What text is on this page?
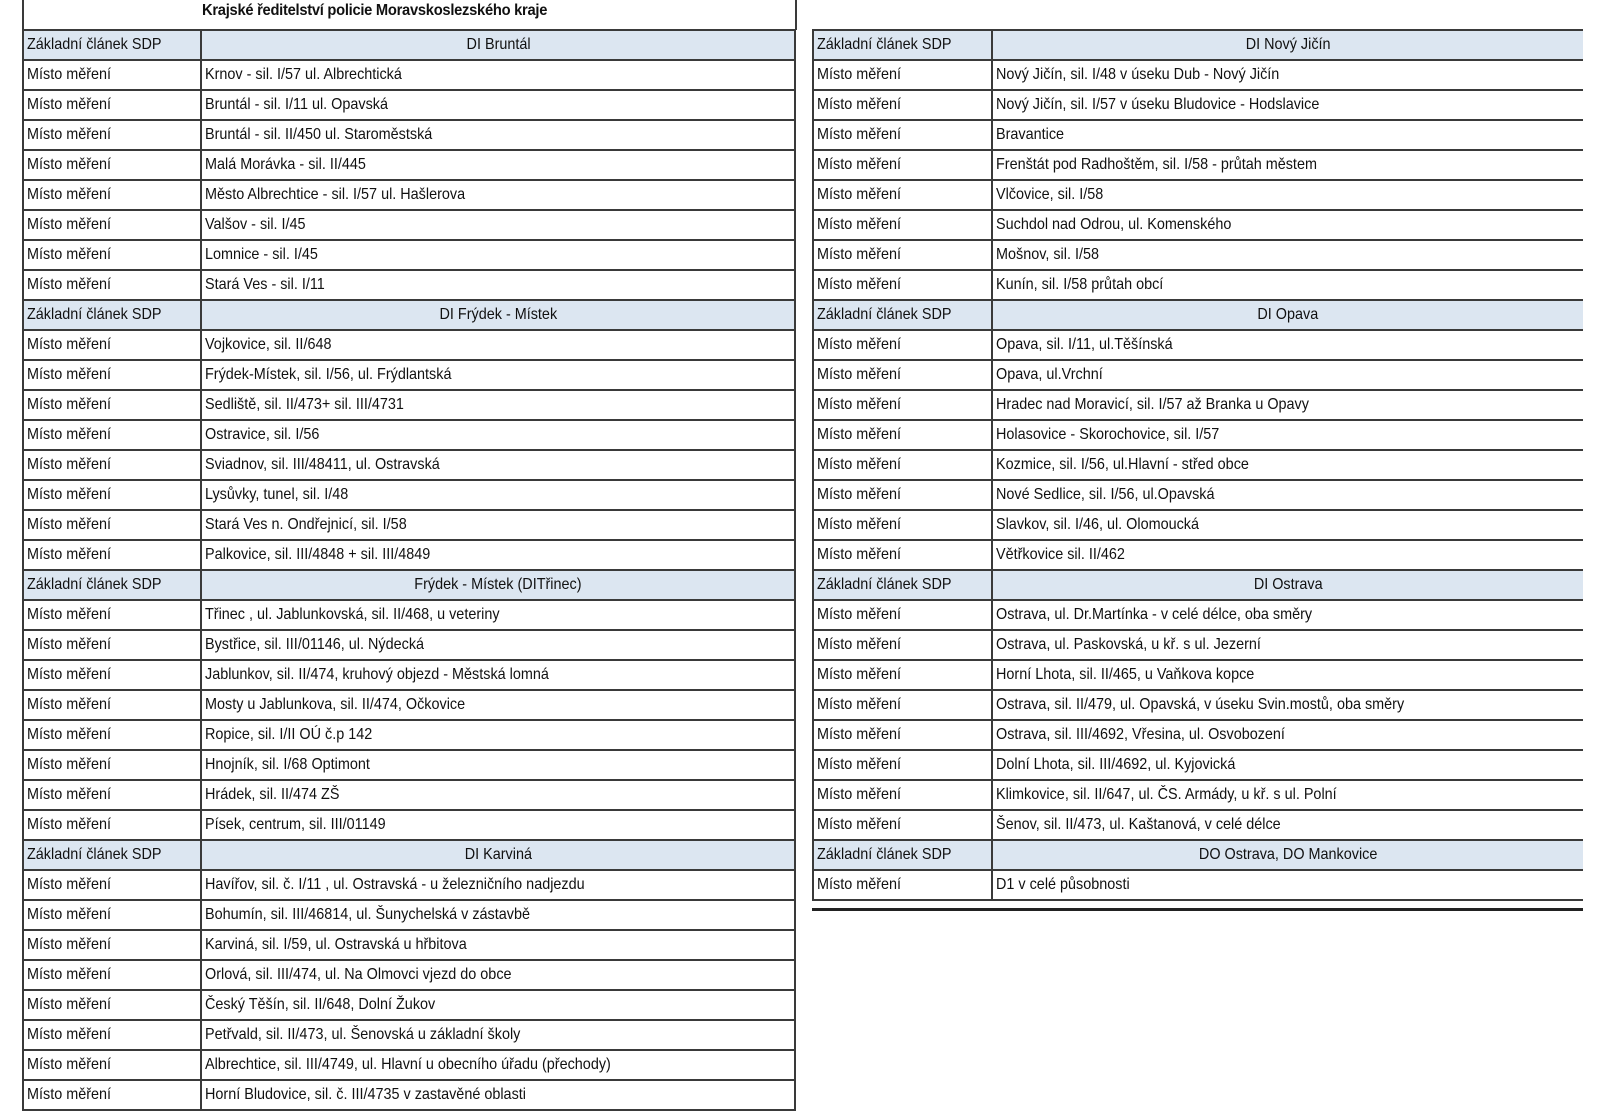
Krajské ředitelství policie Moravskoslezského kraje
Základní článek SDP	DI Bruntál
Místo měření	Krnov - sil. I/57 ul. Albrechtická
Místo měření	Bruntál - sil. I/11 ul. Opavská
Místo měření	Bruntál - sil. II/450 ul. Staroměstská
Místo měření	Malá Morávka - sil. II/445
Místo měření	Město Albrechtice - sil. I/57 ul. Hašlerova
Místo měření	Valšov - sil. I/45
Místo měření	Lomnice - sil. I/45
Místo měření	Stará Ves - sil. I/11
Základní článek SDP	DI Frýdek - Místek
Místo měření	Vojkovice, sil. II/648
Místo měření	Frýdek-Místek, sil. I/56, ul. Frýdlantská
Místo měření	Sedliště, sil. II/473+ sil. III/4731
Místo měření	Ostravice, sil. I/56
Místo měření	Sviadnov, sil. III/48411, ul. Ostravská
Místo měření	Lysůvky, tunel, sil. I/48
Místo měření	Stará Ves n. Ondřejnicí, sil. I/58
Místo měření	Palkovice, sil. III/4848 + sil. III/4849
Základní článek SDP	Frýdek - Místek (DITřinec)
Místo měření	Třinec , ul. Jablunkovská, sil. II/468, u veteriny
Místo měření	Bystřice, sil. III/01146, ul. Nýdecká
Místo měření	Jablunkov, sil. II/474, kruhový objezd - Městská lomná
Místo měření	Mosty u Jablunkova, sil. II/474, Očkovice
Místo měření	Ropice, sil. I/II OÚ č.p 142
Místo měření	Hnojník, sil. I/68 Optimont
Místo měření	Hrádek, sil. II/474 ZŠ
Místo měření	Písek, centrum, sil. III/01149
Základní článek SDP	DI Karviná
Místo měření	Havířov, sil. č. I/11 , ul. Ostravská - u železničního nadjezdu
Místo měření	Bohumín, sil. III/46814, ul. Šunychelská v zástavbě
Místo měření	Karviná, sil. I/59, ul. Ostravská u hřbitova
Místo měření	Orlová, sil. III/474, ul. Na Olmovci vjezd do obce
Místo měření	Český Těšín, sil. II/648, Dolní Žukov
Místo měření	Petřvald, sil. II/473, ul. Šenovská u základní školy
Místo měření	Albrechtice, sil. III/4749, ul. Hlavní u obecního úřadu (přechody)
Místo měření	Horní Bludovice, sil. č. III/4735 v zastavěné oblasti
Základní článek SDP	DI Nový Jičín
Místo měření	Nový Jičín, sil. I/48 v úseku Dub - Nový Jičín
Místo měření	Nový Jičín, sil. I/57 v úseku Bludovice - Hodslavice
Místo měření	Bravantice
Místo měření	Frenštát pod Radhoštěm, sil. I/58 - průtah městem
Místo měření	Vlčovice, sil. I/58
Místo měření	Suchdol nad Odrou, ul. Komenského
Místo měření	Mošnov, sil. I/58
Místo měření	Kunín, sil. I/58 průtah obcí
Základní článek SDP	DI Opava
Místo měření	Opava, sil. I/11, ul.Těšínská
Místo měření	Opava, ul.Vrchní
Místo měření	Hradec nad Moravicí, sil. I/57 až Branka u Opavy
Místo měření	Holasovice - Skorochovice, sil. I/57
Místo měření	Kozmice, sil. I/56, ul.Hlavní - střed obce
Místo měření	Nové Sedlice, sil. I/56, ul.Opavská
Místo měření	Slavkov, sil. I/46, ul. Olomoucká
Místo měření	Větřkovice sil. II/462
Základní článek SDP	DI Ostrava
Místo měření	Ostrava, ul. Dr.Martínka - v celé délce, oba směry
Místo měření	Ostrava, ul. Paskovská, u kř. s ul. Jezerní
Místo měření	Horní Lhota, sil. II/465, u Vaňkova kopce
Místo měření	Ostrava, sil. II/479, ul. Opavská, v úseku Svin.mostů, oba směry
Místo měření	Ostrava, sil. III/4692, Vřesina, ul. Osvobození
Místo měření	Dolní Lhota, sil. III/4692, ul. Kyjovická
Místo měření	Klimkovice, sil. II/647, ul. ČS. Armády, u kř. s ul. Polní
Místo měření	Šenov, sil. II/473, ul. Kaštanová, v celé délce
Základní článek SDP	DO Ostrava, DO Mankovice
Místo měření	D1 v celé působnosti
